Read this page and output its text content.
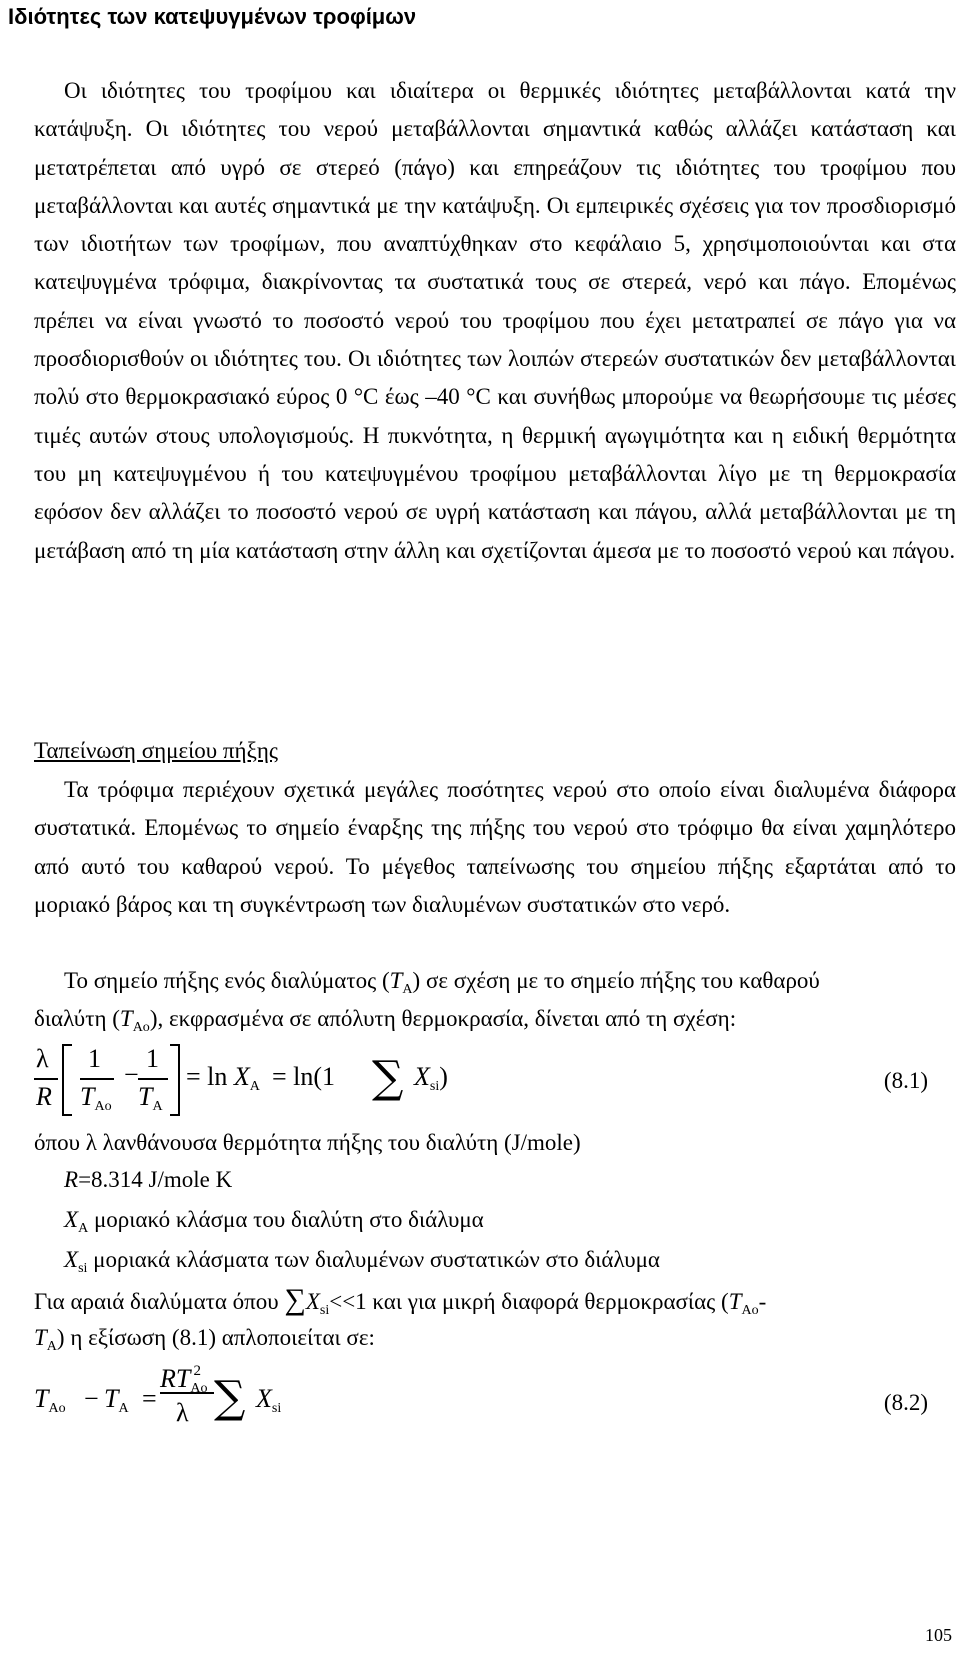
Ιδιότητες των κατεψυγμένων τροφίμων

Οι ιδιότητες του τροφίμου και ιδιαίτερα οι θερμικές ιδιότητες μεταβάλλονται κατά την κατάψυξη. Οι ιδιότητες του νερού μεταβάλλονται σημαντικά καθώς αλλάζει κατάσταση και μετατρέπεται από υγρό σε στερεό (πάγο) και επηρεάζουν τις ιδιότητες του τροφίμου που μεταβάλλονται και αυτές σημαντικά με την κατάψυξη. Οι εμπειρικές σχέσεις για τον προσδιορισμό των ιδιοτήτων των τροφίμων, που αναπτύχθηκαν στο κεφάλαιο 5, χρησιμοποιούνται και στα κατεψυγμένα τρόφιμα, διακρίνοντας τα συστατικά τους σε στερεά, νερό και πάγο. Επομένως πρέπει να είναι γνωστό το ποσοστό νερού του τροφίμου που έχει μετατραπεί σε πάγο για να προσδιορισθούν οι ιδιότητες του. Οι ιδιότητες των λοιπών στερεών συστατικών δεν μεταβάλλονται πολύ στο θερμοκρασιακό εύρος 0 °C έως –40 °C και συνήθως μπορούμε να θεωρήσουμε τις μέσες τιμές αυτών στους υπολογισμούς. Η πυκνότητα, η θερμική αγωγιμότητα και η ειδική θερμότητα του μη κατεψυγμένου ή του κατεψυγμένου τροφίμου μεταβάλλονται λίγο με τη θερμοκρασία εφόσον δεν αλλάζει το ποσοστό νερού σε υγρή κατάσταση και πάγου, αλλά μεταβάλλονται με τη μετάβαση από τη μία κατάσταση στην άλλη και σχετίζονται άμεσα με το ποσοστό νερού και πάγου.

Ταπείνωση σημείου πήξης

Τα τρόφιμα περιέχουν σχετικά μεγάλες ποσότητες νερού στο οποίο είναι διαλυμένα διάφορα συστατικά. Επομένως το σημείο έναρξης της πήξης του νερού στο τρόφιμο θα είναι χαμηλότερο από αυτό του καθαρού νερού. Το μέγεθος ταπείνωσης του σημείου πήξης εξαρτάται από το μοριακό βάρος και τη συγκέντρωση των διαλυμένων συστατικών στο νερό.

Το σημείο πήξης ενός διαλύματος $(T_A)$ σε σχέση με το σημείο πήξης του καθαρού
διαλύτη $(T_{Ao})$, εκφρασμένα σε απόλυτη θερμοκρασία, δίνεται από τη σχέση:
λ
R
1
$T_{Ao}$
−
1
$T_A$
= $\ln X_A = \ln(1$ ∑ $X_{si}$)	(8.1)
όπου λ λανθάνουσα θερμότητα πήξης του διαλύτη (J/mole)
R=8.314 J/mole K
$X_A$ μοριακό κλάσμα του διαλύτη στο διάλυμα
$X_{si}$ μοριακά κλάσματα των διαλυμένων συστατικών στο διάλυμα
Για αραιά διαλύματα όπου $\sum X_{si}<<1$ και για μικρή διαφορά θερμοκρασίας ($T_{Ao}-$
$T_A$) η εξίσωση (8.1) απλοποιείται σε:
$T_{Ao} - T_A$ =
$RT_{Ao}^2$
λ ∑ $X_{si}$	(8.2)
105
